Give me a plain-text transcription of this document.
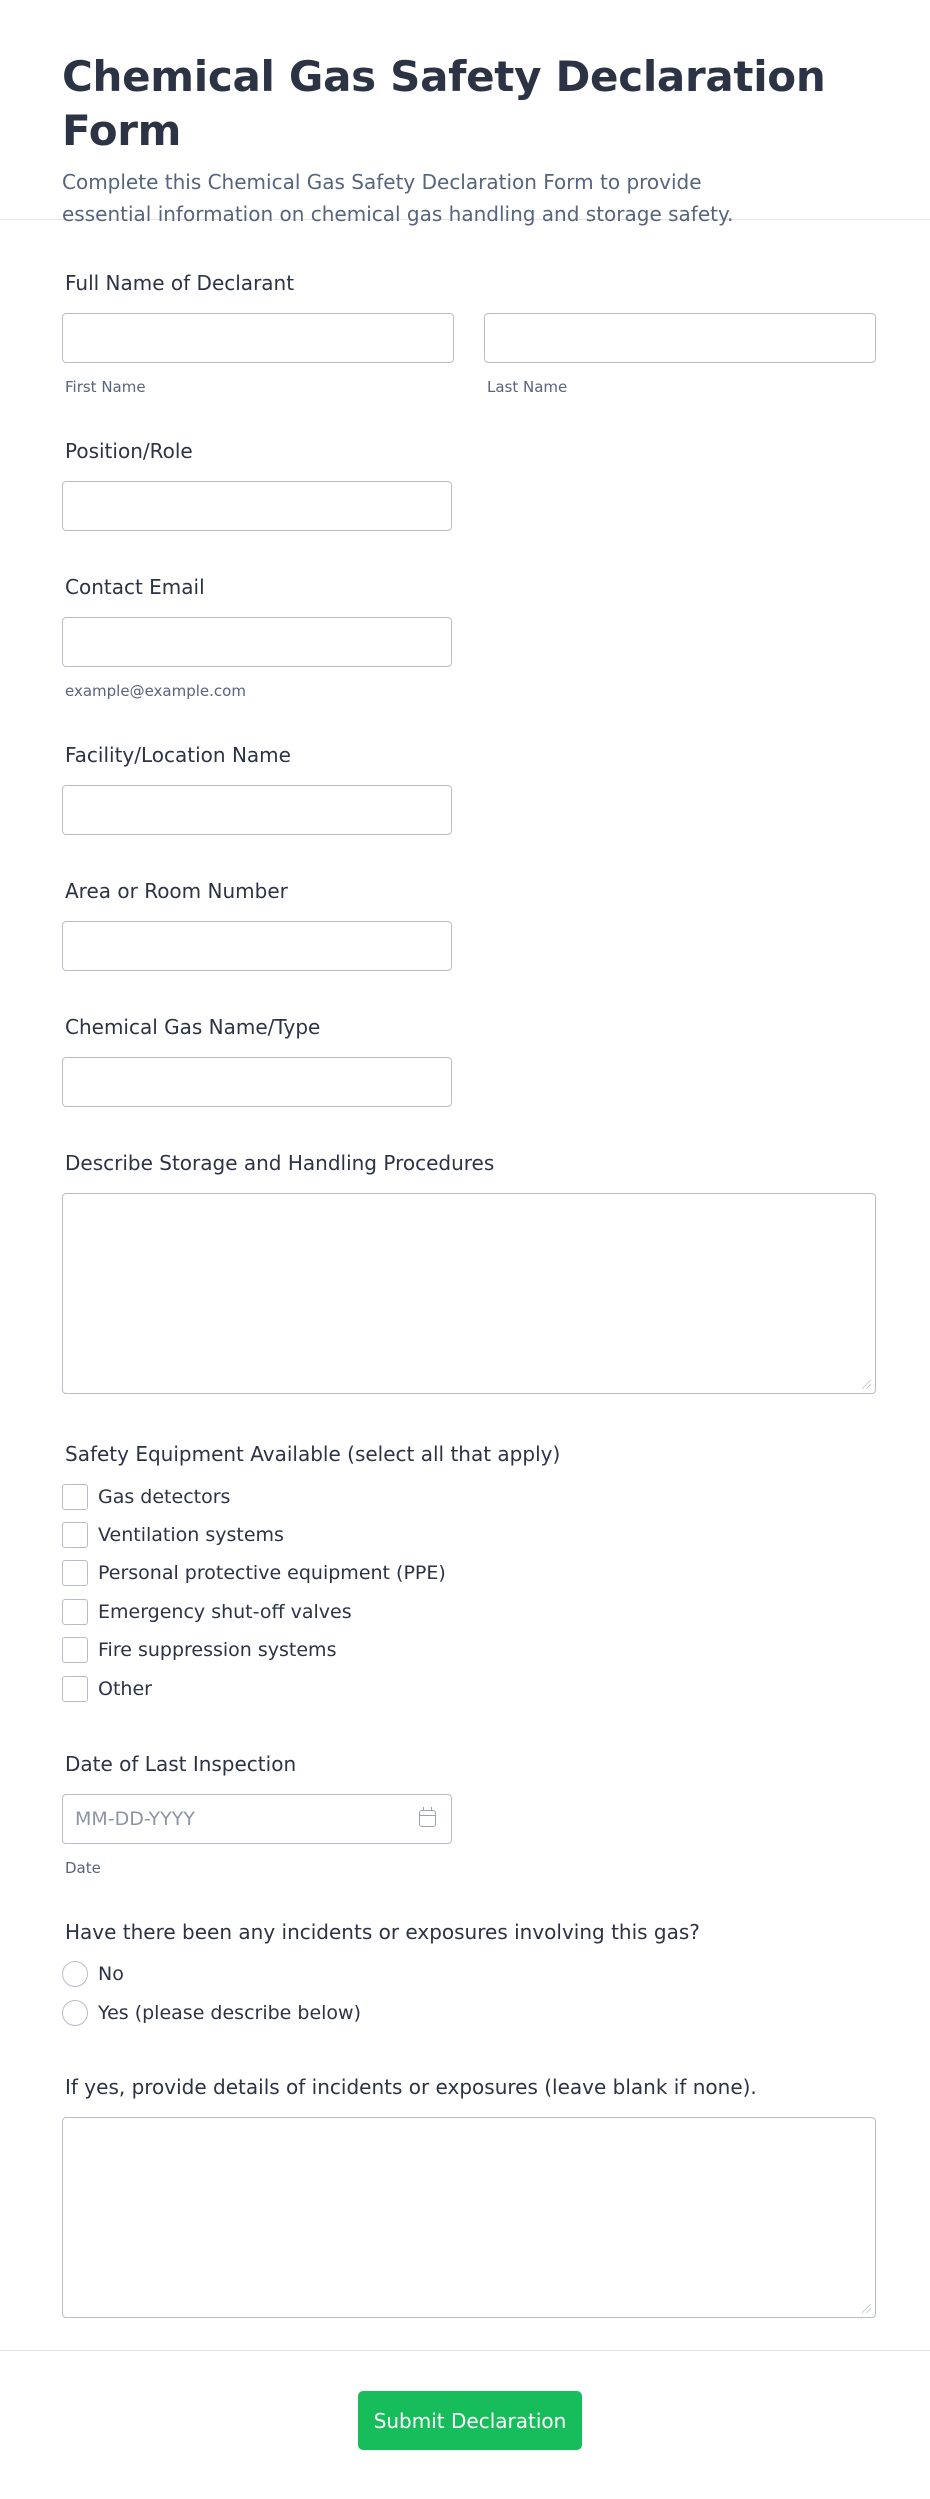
Chemical Gas Safety Declaration Form

Complete this Chemical Gas Safety Declaration Form to provide essential information on chemical gas handling and storage safety.

Full Name of Declarant
First Name	Last Name
Position/Role
Contact Email
example@example.com
Facility/Location Name
Area or Room Number
Chemical Gas Name/Type
Describe Storage and Handling Procedures
Safety Equipment Available (select all that apply)
Gas detectors
Ventilation systems
Personal protective equipment (PPE)
Emergency shut-off valves
Fire suppression systems
Other
Date of Last Inspection
MM-DD-YYYY
Date
Have there been any incidents or exposures involving this gas?
No
Yes (please describe below)
If yes, provide details of incidents or exposures (leave blank if none).
Submit Declaration
